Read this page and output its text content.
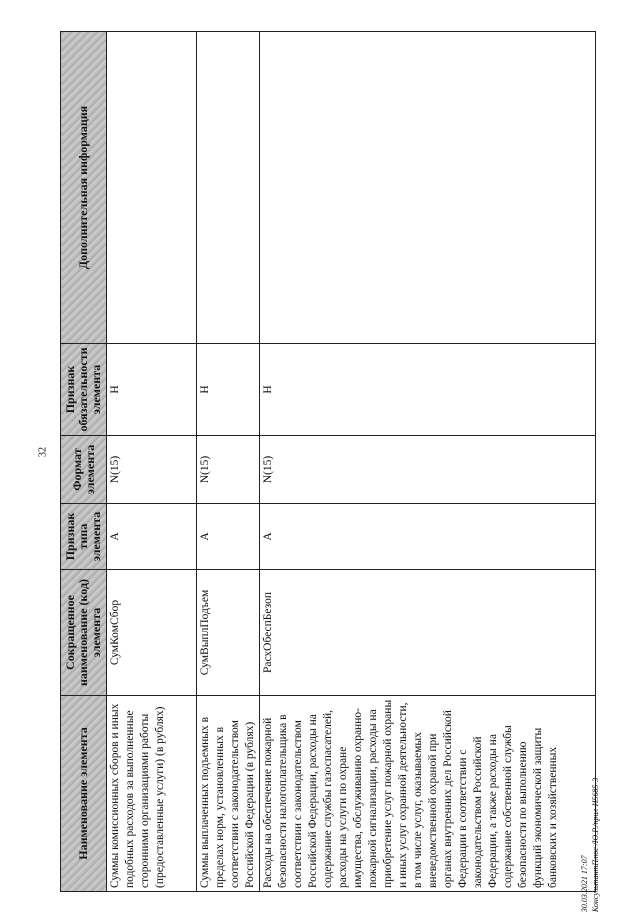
32
Наименование элемента	Сокращенное наименование (код) элемента	Признак типа элемента	Формат элемента	Признак обязательности элемента	Дополнительная информация
Суммы комиссионных сборов и иных подобных расходов за выполненные сторонними организациями работы (предоставленные услуги) (в рублях)	СумКомСбор	А	N(15)	Н	
Суммы выплаченных подъемных в пределах норм, установленных в соответствии с законодательством Российской Федерации (в рублях)	СумВыплПодъем	А	N(15)	Н	
Расходы на обеспечение пожарной безопасности налогоплательщика в соответствии с законодательством Российской Федерации, расходы на содержание службы газоспасателей, расходы на услуги по охране имущества, обслуживанию охранно-пожарной сигнализации, расходы на приобретение услуг пожарной охраны и иных услуг охранной деятельности, в том числе услуг, оказываемых вневедомственной охраной при органах внутренних дел Российской Федерации в соответствии с законодательством Российской Федерации, а также расходы на содержание собственной службы безопасности по выполнению функций экономической защиты банковских и хозяйственных	РасхОбеспБезоп	А	N(15)	Н	
30.03.2021 17:07 КонсультантПлюс /Ю.Р./прил-И5685-3
